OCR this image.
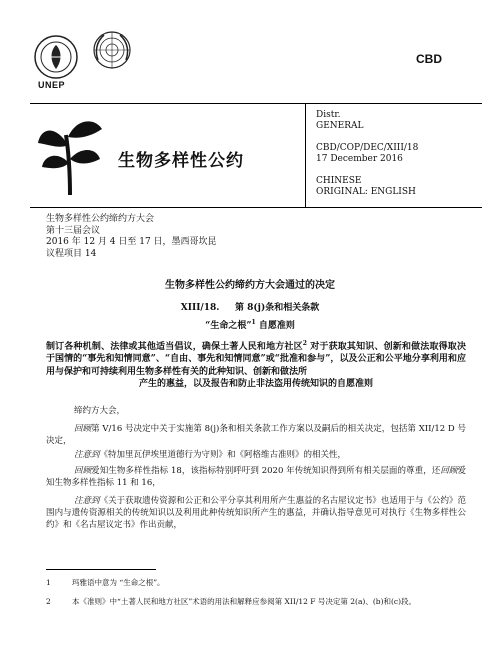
CBD
UNEP
生物多样性公约
Distr.
GENERAL
CBD/COP/DEC/XIII/18
17 December 2016
CHINESE
ORIGINAL: ENGLISH
生物多样性公约缔约方大会
第十三届会议
2016 年 12 月 4 日至 17 日，墨西哥坎昆
议程项目 14
生物多样性公约缔约方大会通过的决定
XIII/18. 第 8(j)条和相关条款
“生命之根”$^1$ 自愿准则
制订各种机制、法律或其他适当倡议，确保土著人民和地方社区$^2$ 对于获取其知识、创新和做法取得取决于国情的“事先和知情同意”、“自由、事先和知情同意”或“批准和参与”，以及公正和公平地分享利用和应用与保护和可持续利用生物多样性有关的此种知识、创新和做法所
产生的惠益，以及报告和防止非法盗用传统知识的自愿准则
缔约方大会，
回顾第 V/16 号决定中关于实施第 8(j)条和相关条款工作方案以及嗣后的相关决定，包括第 XII/12 D 号决定，
注意到《特加里瓦伊埃里道德行为守则》和《阿格维古准则》的相关性，
回顾爱知生物多样性指标 18，该指标特别呼吁到 2020 年传统知识得到所有相关层面的尊重，还回顾爱知生物多样性指标 11 和 16，
注意到《关于获取遗传资源和公正和公平分享其利用所产生惠益的名古屋议定书》也适用于与《公约》范围内与遗传资源相关的传统知识以及利用此种传统知识所产生的惠益，并确认指导意见可对执行《生物多样性公约》和《名古屋议定书》作出贡献，
1	玛雅语中意为 “生命之根”。
2	本《准则》中“土著人民和地方社区”术语的用法和解释应参阅第 XII/12 F 号决定第 2(a)、(b)和(c)段。
